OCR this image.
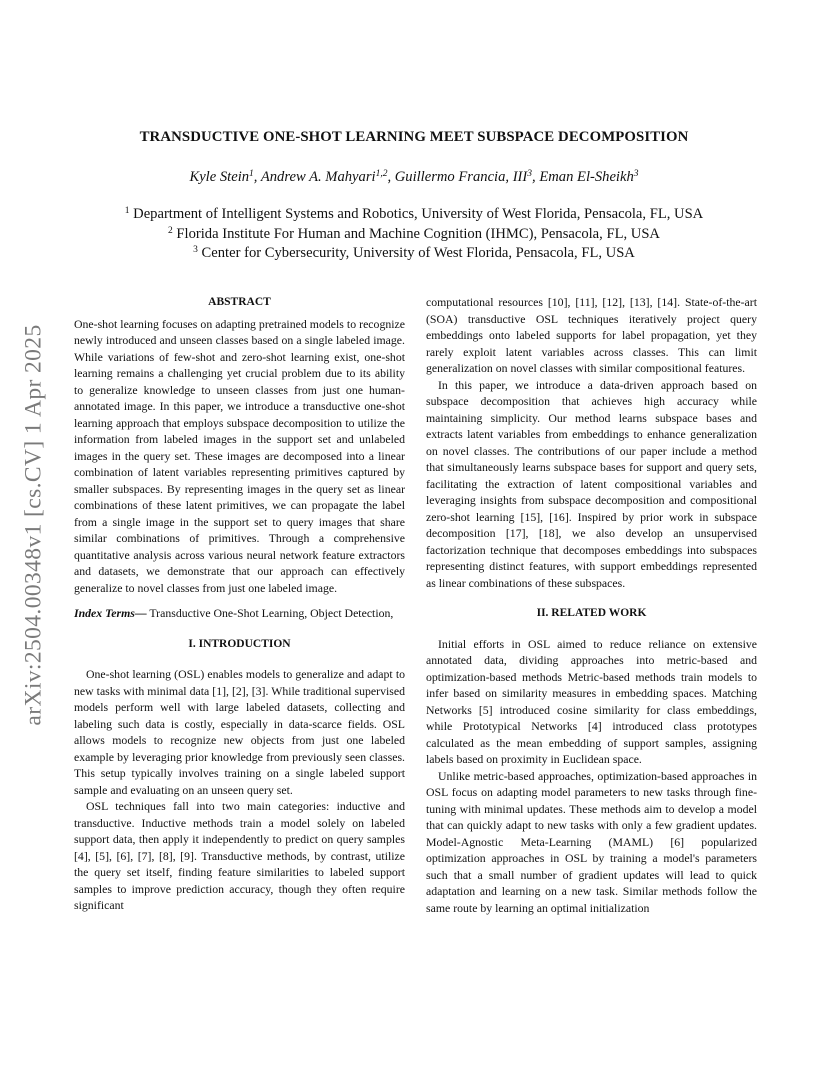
arXiv:2504.00348v1 [cs.CV] 1 Apr 2025
TRANSDUCTIVE ONE-SHOT LEARNING MEET SUBSPACE DECOMPOSITION
Kyle Stein$^1$, Andrew A. Mahyari$^{1,2}$, Guillermo Francia, III$^3$, Eman El-Sheikh$^3$
$^1$ Department of Intelligent Systems and Robotics, University of West Florida, Pensacola, FL, USA
$^2$ Florida Institute For Human and Machine Cognition (IHMC), Pensacola, FL, USA
$^3$ Center for Cybersecurity, University of West Florida, Pensacola, FL, USA
ABSTRACT

One-shot learning focuses on adapting pretrained models to recognize newly introduced and unseen classes based on a single labeled image. While variations of few-shot and zero-shot learning exist, one-shot learning remains a challenging yet crucial problem due to its ability to generalize knowledge to unseen classes from just one human-annotated image. In this paper, we introduce a transductive one-shot learning approach that employs subspace decomposition to utilize the information from labeled images in the support set and unlabeled images in the query set. These images are decomposed into a linear combination of latent variables representing primitives captured by smaller subspaces. By representing images in the query set as linear combinations of these latent primitives, we can propagate the label from a single image in the support set to query images that share similar combinations of primitives. Through a comprehensive quantitative analysis across various neural network feature extractors and datasets, we demonstrate that our approach can effectively generalize to novel classes from just one labeled image.

Index Terms— Transductive One-Shot Learning, Object Detection,

I. INTRODUCTION

One-shot learning (OSL) enables models to generalize and adapt to new tasks with minimal data [1], [2], [3]. While traditional supervised models perform well with large labeled datasets, collecting and labeling such data is costly, especially in data-scarce fields. OSL allows models to recognize new objects from just one labeled example by leveraging prior knowledge from previously seen classes. This setup typically involves training on a single labeled support sample and evaluating on an unseen query set.

OSL techniques fall into two main categories: inductive and transductive. Inductive methods train a model solely on labeled support data, then apply it independently to predict on query samples [4], [5], [6], [7], [8], [9]. Transductive methods, by contrast, utilize the query set itself, finding feature similarities to labeled support samples to improve prediction accuracy, though they often require significant

computational resources [10], [11], [12], [13], [14]. State-of-the-art (SOA) transductive OSL techniques iteratively project query embeddings onto labeled supports for label propagation, yet they rarely exploit latent variables across classes. This can limit generalization on novel classes with similar compositional features.

In this paper, we introduce a data-driven approach based on subspace decomposition that achieves high accuracy while maintaining simplicity. Our method learns subspace bases and extracts latent variables from embeddings to enhance generalization on novel classes. The contributions of our paper include a method that simultaneously learns subspace bases for support and query sets, facilitating the extraction of latent compositional variables and leveraging insights from subspace decomposition and compositional zero-shot learning [15], [16]. Inspired by prior work in subspace decomposition [17], [18], we also develop an unsupervised factorization technique that decomposes embeddings into subspaces representing distinct features, with support embeddings represented as linear combinations of these subspaces.

II. RELATED WORK

Initial efforts in OSL aimed to reduce reliance on extensive annotated data, dividing approaches into metric-based and optimization-based methods Metric-based methods train models to infer based on similarity measures in embedding spaces. Matching Networks [5] introduced cosine similarity for class embeddings, while Prototypical Networks [4] introduced class prototypes calculated as the mean embedding of support samples, assigning labels based on proximity in Euclidean space.

Unlike metric-based approaches, optimization-based approaches in OSL focus on adapting model parameters to new tasks through fine-tuning with minimal updates. These methods aim to develop a model that can quickly adapt to new tasks with only a few gradient updates. Model-Agnostic Meta-Learning (MAML) [6] popularized optimization approaches in OSL by training a model's parameters such that a small number of gradient updates will lead to quick adaptation and learning on a new task. Similar methods follow the same route by learning an optimal initialization
